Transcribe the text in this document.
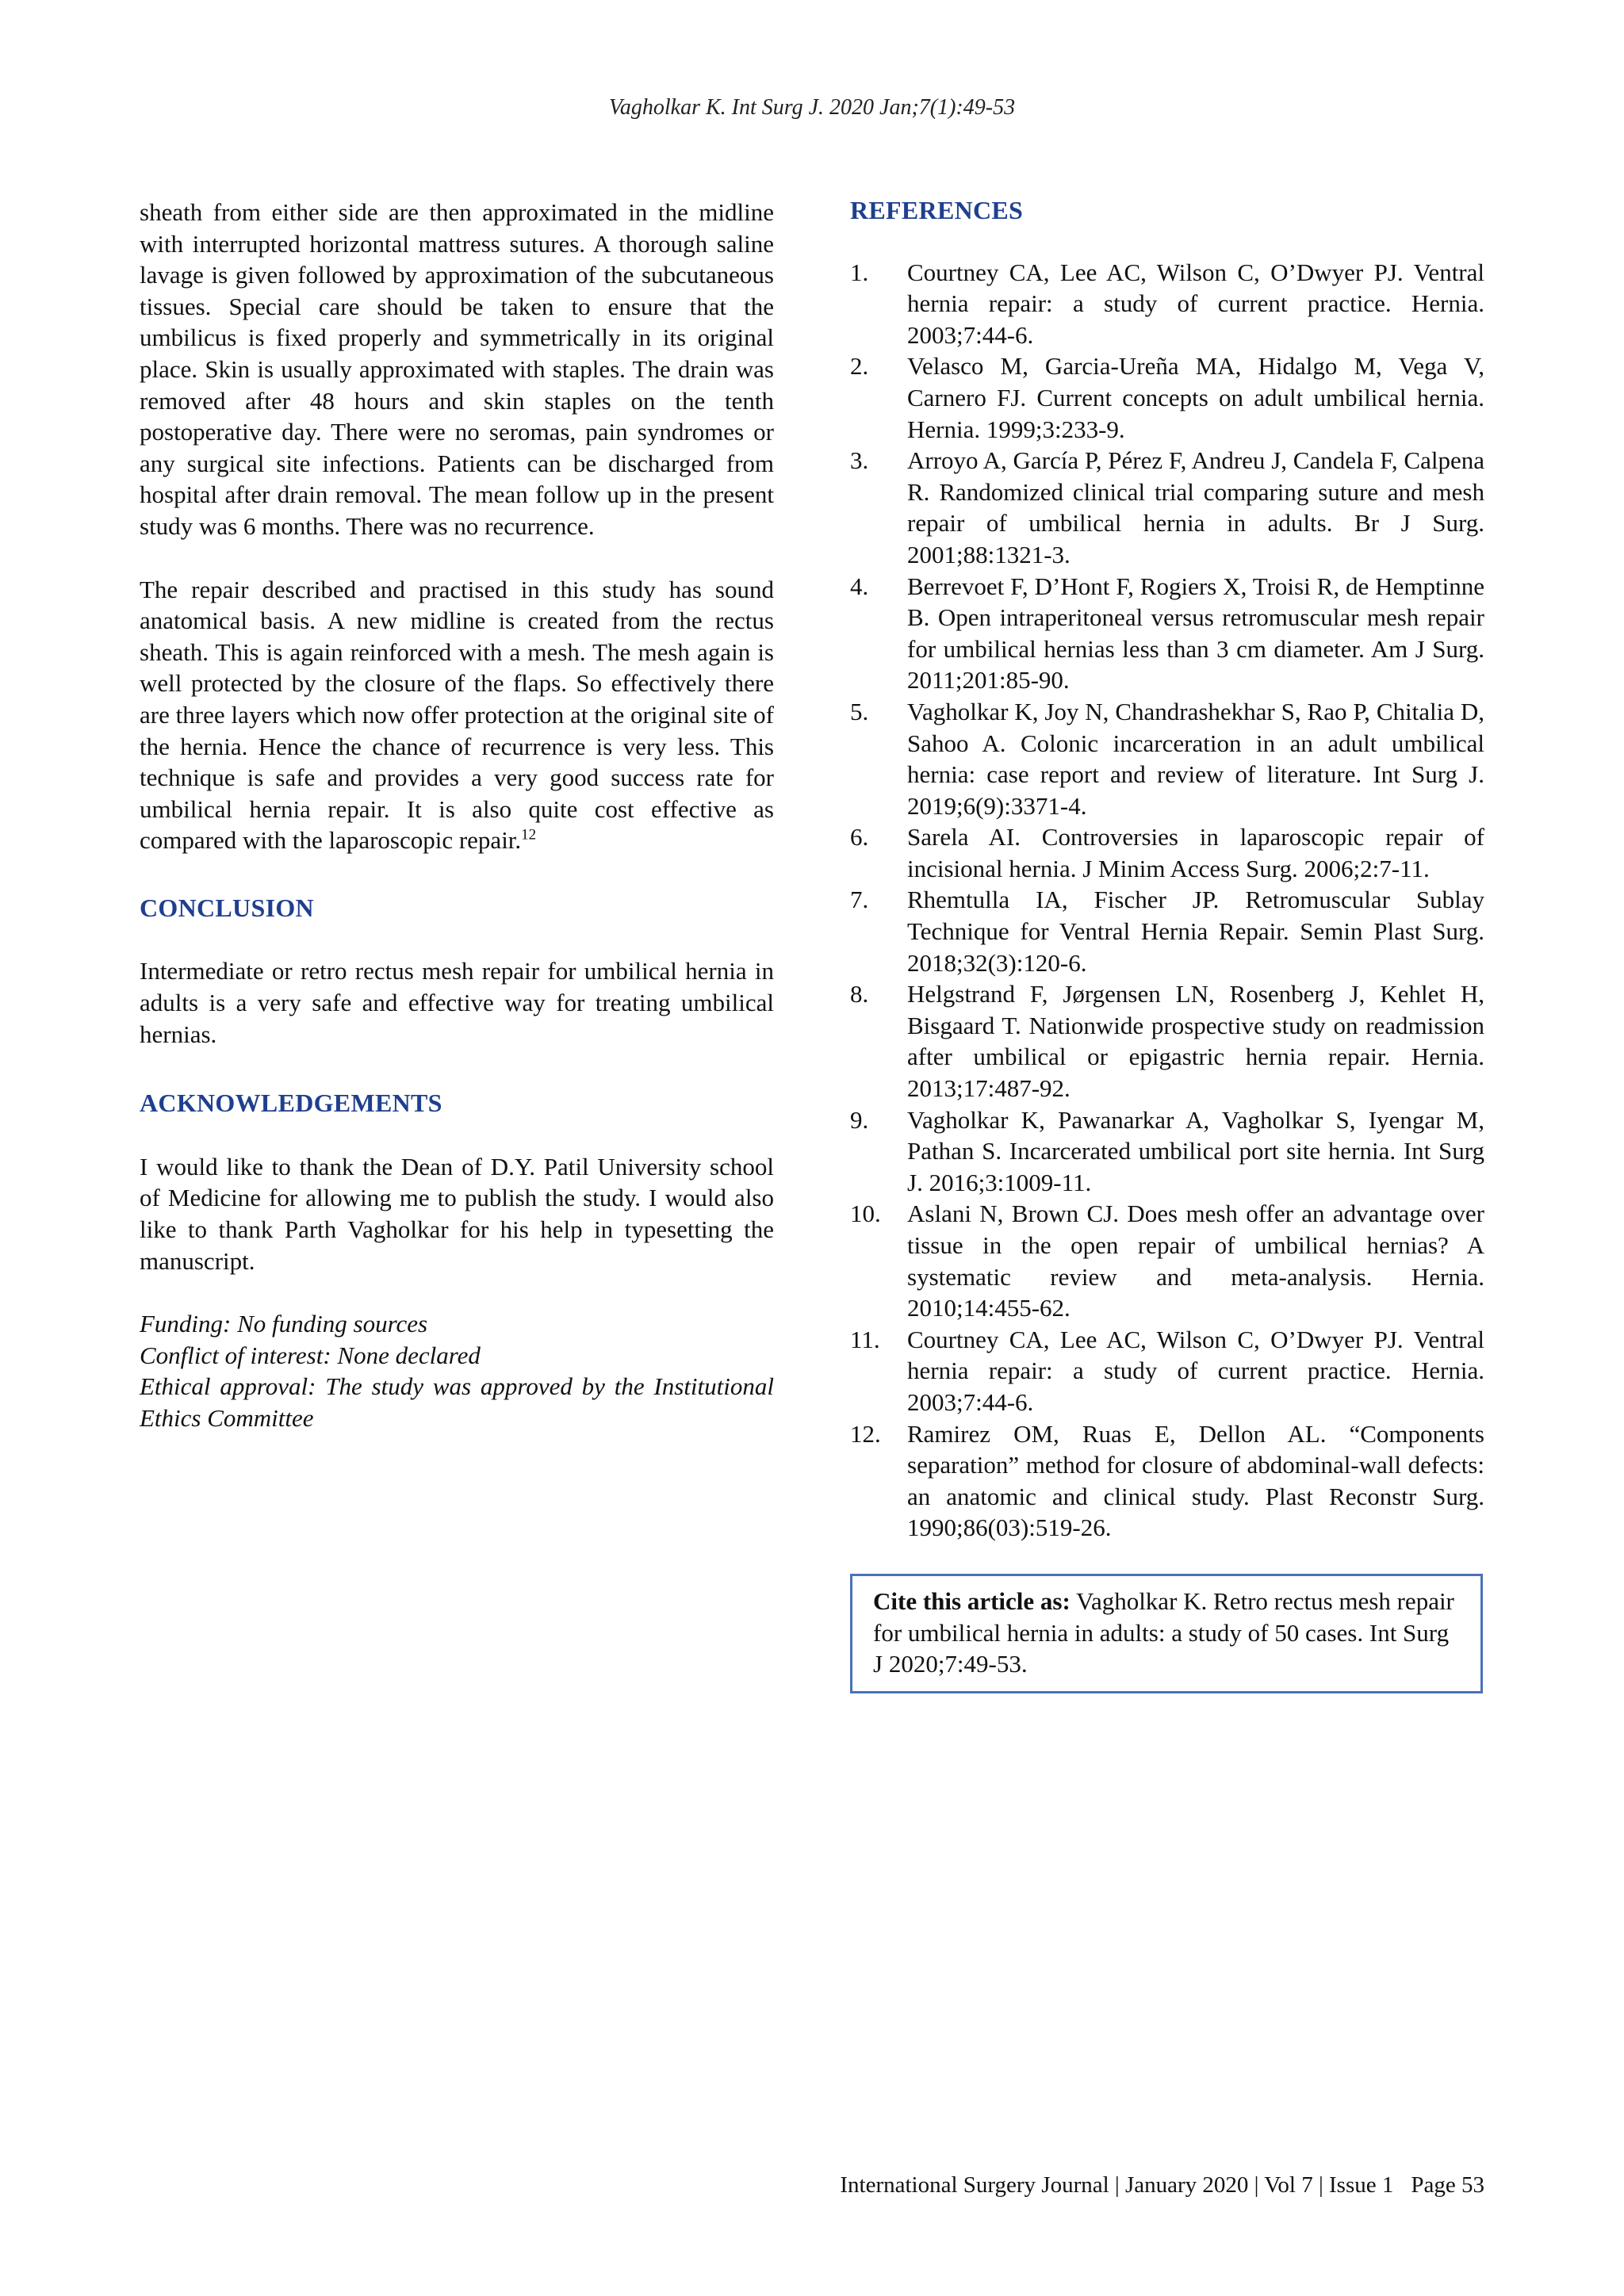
Vagholkar K. Int Surg J. 2020 Jan;7(1):49-53

sheath from either side are then approximated in the midline with interrupted horizontal mattress sutures. A thorough saline lavage is given followed by approximation of the subcutaneous tissues. Special care should be taken to ensure that the umbilicus is fixed properly and symmetrically in its original place. Skin is usually approximated with staples. The drain was removed after 48 hours and skin staples on the tenth postoperative day. There were no seromas, pain syndromes or any surgical site infections. Patients can be discharged from hospital after drain removal. The mean follow up in the present study was 6 months. There was no recurrence.

The repair described and practised in this study has sound anatomical basis. A new midline is created from the rectus sheath. This is again reinforced with a mesh. The mesh again is well protected by the closure of the flaps. So effectively there are three layers which now offer protection at the original site of the hernia. Hence the chance of recurrence is very less. This technique is safe and provides a very good success rate for umbilical hernia repair. It is also quite cost effective as compared with the laparoscopic repair.$^{12}$

CONCLUSION

Intermediate or retro rectus mesh repair for umbilical hernia in adults is a very safe and effective way for treating umbilical hernias.

ACKNOWLEDGEMENTS

I would like to thank the Dean of D.Y. Patil University school of Medicine for allowing me to publish the study. I would also like to thank Parth Vagholkar for his help in typesetting the manuscript.

Funding: No funding sources
Conflict of interest: None declared
Ethical approval: The study was approved by the Institutional Ethics Committee
REFERENCES
1.	Courtney CA, Lee AC, Wilson C, O’Dwyer PJ. Ventral hernia repair: a study of current practice. Hernia. 2003;7:44-6.
2.	Velasco M, Garcia-Ureña MA, Hidalgo M, Vega V, Carnero FJ. Current concepts on adult umbilical hernia. Hernia. 1999;3:233-9.
3.	Arroyo A, García P, Pérez F, Andreu J, Candela F, Calpena R. Randomized clinical trial comparing suture and mesh repair of umbilical hernia in adults. Br J Surg. 2001;88:1321-3.
4.	Berrevoet F, D’Hont F, Rogiers X, Troisi R, de Hemptinne B. Open intraperitoneal versus retromuscular mesh repair for umbilical hernias less than 3 cm diameter. Am J Surg. 2011;201:85-90.
5.	Vagholkar K, Joy N, Chandrashekhar S, Rao P, Chitalia D, Sahoo A. Colonic incarceration in an adult umbilical hernia: case report and review of literature. Int Surg J. 2019;6(9):3371-4.
6.	Sarela AI. Controversies in laparoscopic repair of incisional hernia. J Minim Access Surg. 2006;2:7-11.
7.	Rhemtulla IA, Fischer JP. Retromuscular Sublay Technique for Ventral Hernia Repair. Semin Plast Surg. 2018;32(3):120-6.
8.	Helgstrand F, Jørgensen LN, Rosenberg J, Kehlet H, Bisgaard T. Nationwide prospective study on readmission after umbilical or epigastric hernia repair. Hernia. 2013;17:487-92.
9.	Vagholkar K, Pawanarkar A, Vagholkar S, Iyengar M, Pathan S. Incarcerated umbilical port site hernia. Int Surg J. 2016;3:1009-11.
10.	Aslani N, Brown CJ. Does mesh offer an advantage over tissue in the open repair of umbilical hernias? A systematic review and meta-analysis. Hernia. 2010;14:455-62.
11.	Courtney CA, Lee AC, Wilson C, O’Dwyer PJ. Ventral hernia repair: a study of current practice. Hernia. 2003;7:44-6.
12.	Ramirez OM, Ruas E, Dellon AL. “Components separation” method for closure of abdominal-wall defects: an anatomic and clinical study. Plast Reconstr Surg. 1990;86(03):519-26.
Cite this article as: Vagholkar K. Retro rectus mesh repair for umbilical hernia in adults: a study of 50 cases. Int Surg J 2020;7:49-53.
International Surgery Journal | January 2020 | Vol 7 | Issue 1 Page 53
